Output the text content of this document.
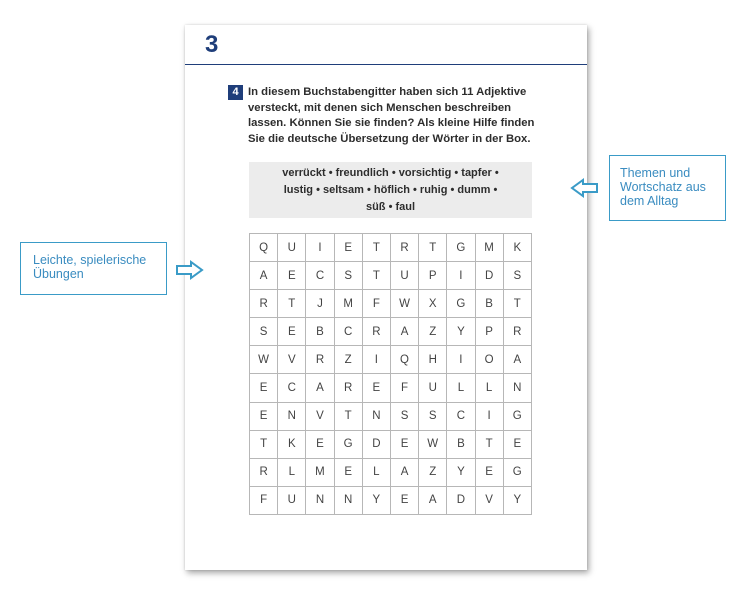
3
4 In diesem Buchstabengitter haben sich 11 Adjektive versteckt, mit denen sich Menschen beschreiben lassen. Können Sie sie finden? Als kleine Hilfe finden Sie die deutsche Übersetzung der Wörter in der Box.
verrückt • freundlich • vorsichtig • tapfer •
lustig • seltsam • höflich • ruhig • dumm •
süß • faul
Q	U	I	E	T	R	T	G	M	K
A	E	C	S	T	U	P	I	D	S
R	T	J	M	F	W	X	G	B	T
S	E	B	C	R	A	Z	Y	P	R
W	V	R	Z	I	Q	H	I	O	A
E	C	A	R	E	F	U	L	L	N
E	N	V	T	N	S	S	C	I	G
T	K	E	G	D	E	W	B	T	E
R	L	M	E	L	A	Z	Y	E	G
F	U	N	N	Y	E	A	D	V	Y
Leichte, spielerische
Übungen
Themen und
Wortschatz aus
dem Alltag
